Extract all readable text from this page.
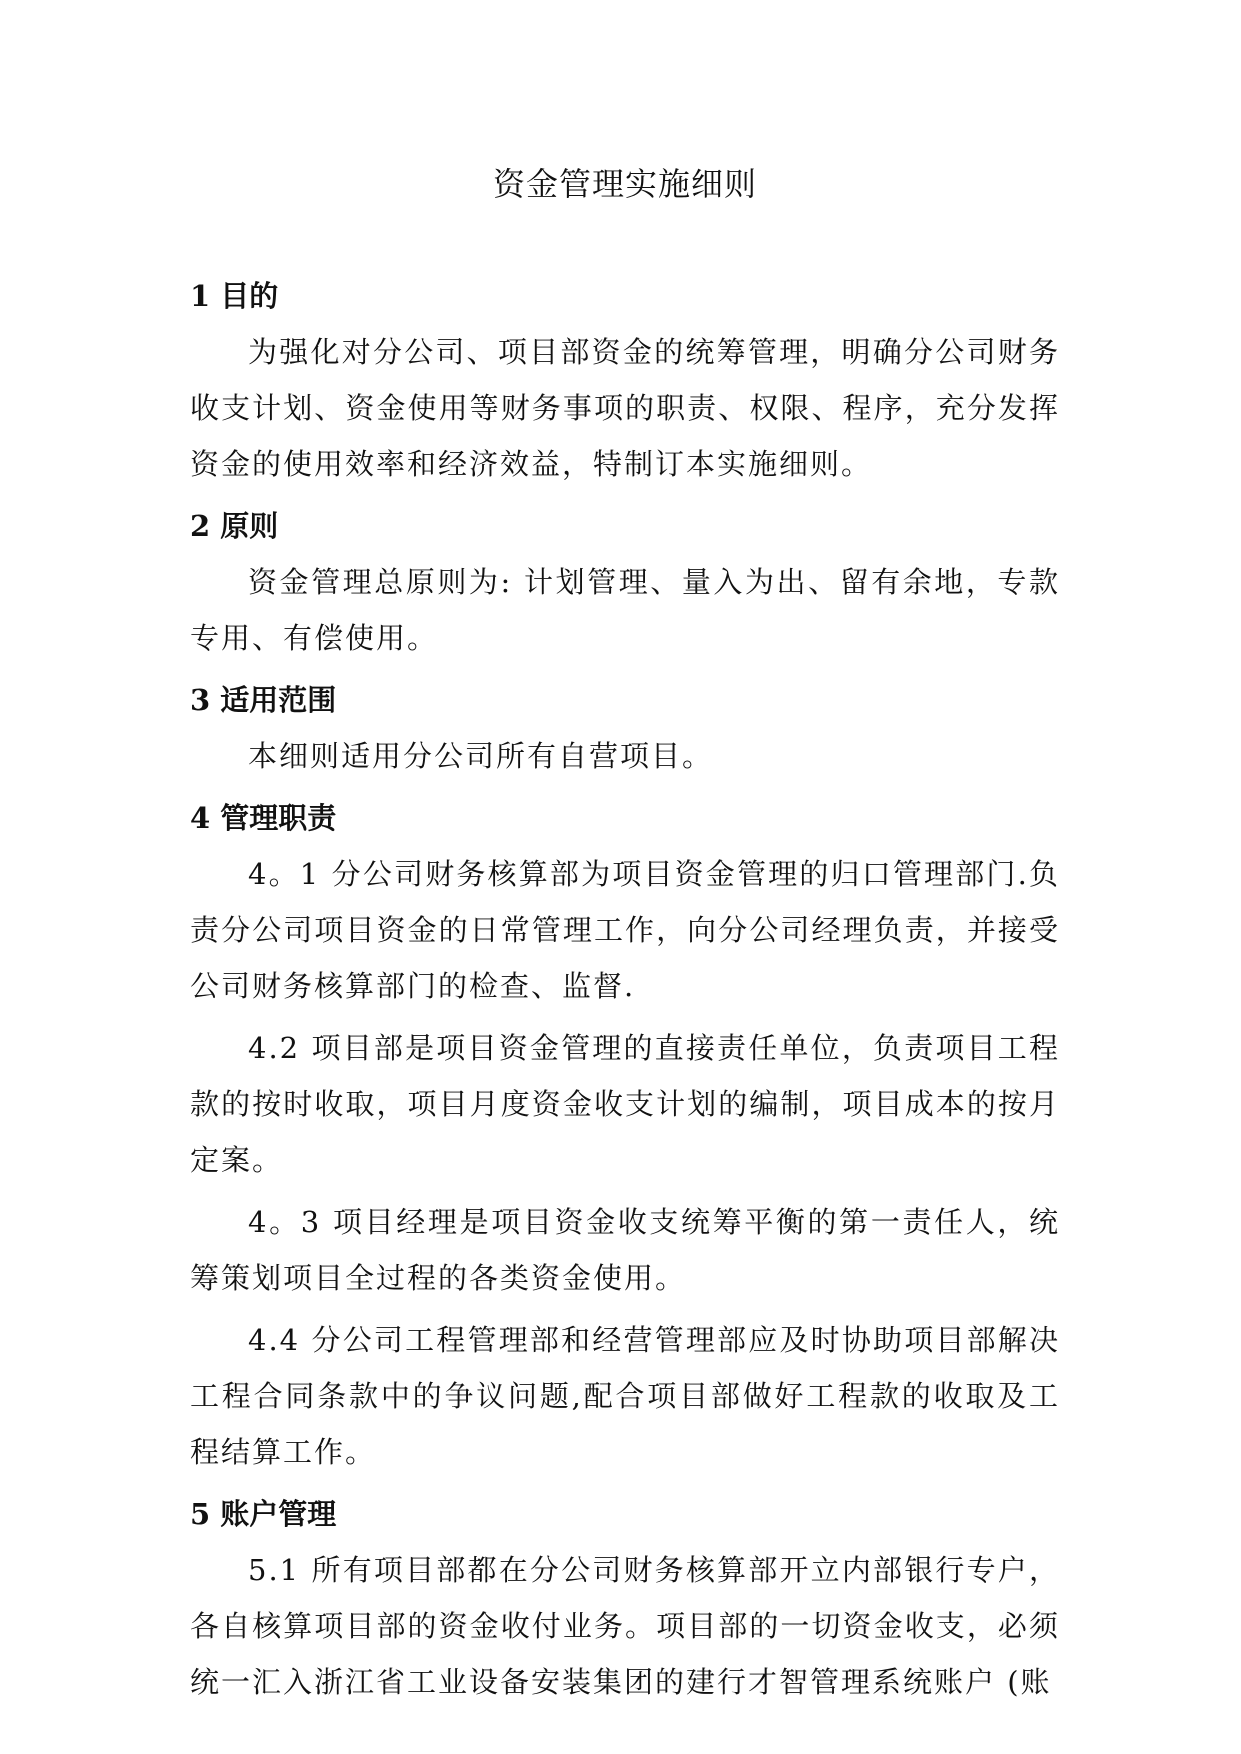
资金管理实施细则
1 目的

为强化对分公司、项目部资金的统筹管理，明确分公司财务收支计划、资金使用等财务事项的职责、权限、程序，充分发挥资金的使用效率和经济效益，特制订本实施细则。

2 原则

资金管理总原则为: 计划管理、量入为出、留有余地，专款专用、有偿使用。

3 适用范围

本细则适用分公司所有自营项目。

4 管理职责

4。1 分公司财务核算部为项目资金管理的归口管理部门.负责分公司项目资金的日常管理工作，向分公司经理负责，并接受公司财务核算部门的检查、监督.

4.2 项目部是项目资金管理的直接责任单位，负责项目工程款的按时收取，项目月度资金收支计划的编制，项目成本的按月定案。

4。3 项目经理是项目资金收支统筹平衡的第一责任人，统筹策划项目全过程的各类资金使用。

4.4 分公司工程管理部和经营管理部应及时协助项目部解决工程合同条款中的争议问题,配合项目部做好工程款的收取及工程结算工作。

5 账户管理

5.1 所有项目部都在分公司财务核算部开立内部银行专户，各自核算项目部的资金收付业务。项目部的一切资金收支，必须统一汇入浙江省工业设备安装集团的建行才智管理系统账户 (账
